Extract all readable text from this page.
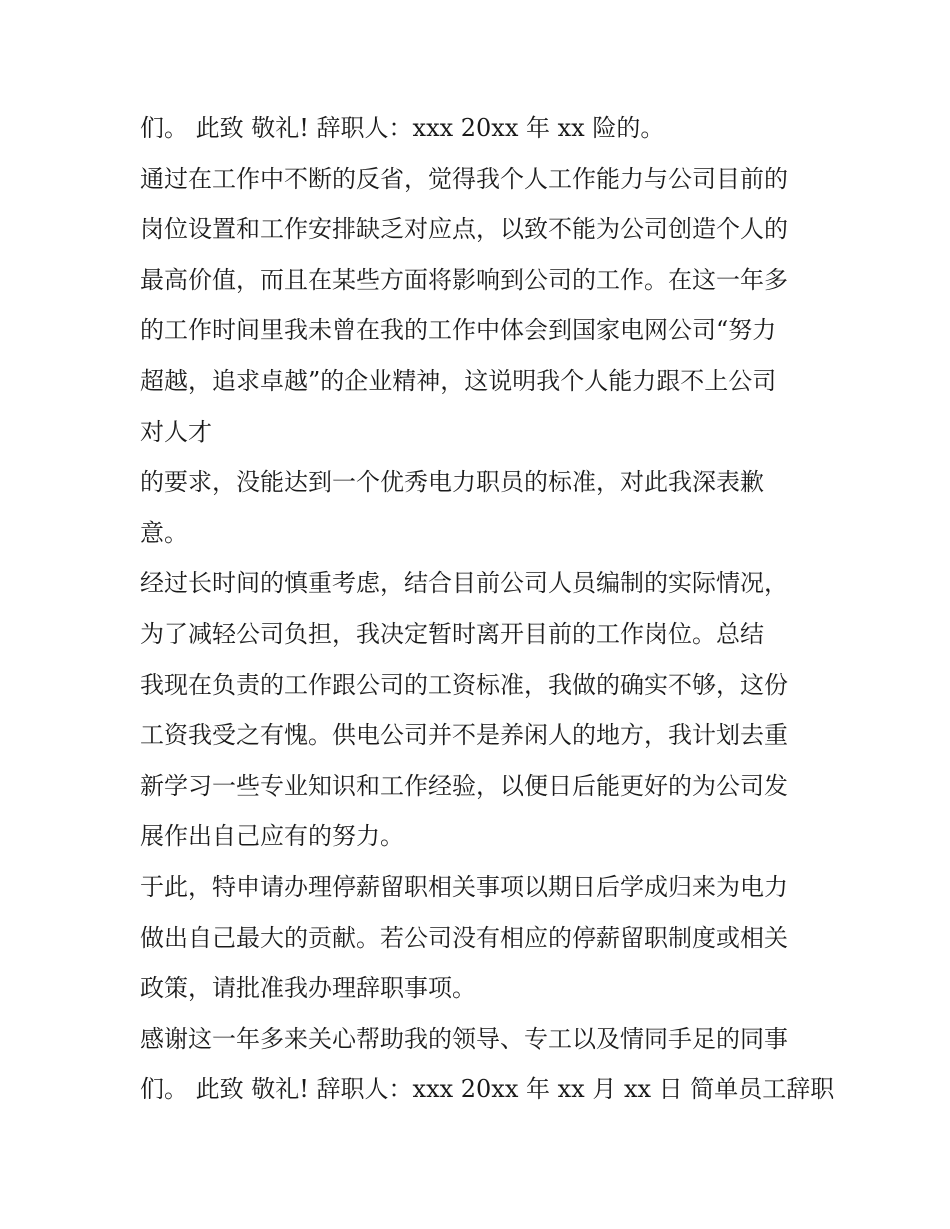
们。 此致 敬礼! 辞职人：xxx 20xx 年 xx 险的。
通过在工作中不断的反省，觉得我个人工作能力与公司目前的
岗位设置和工作安排缺乏对应点，以致不能为公司创造个人的
最高价值，而且在某些方面将影响到公司的工作。在这一年多
的工作时间里我未曾在我的工作中体会到国家电网公司“努力
超越，追求卓越”的企业精神，这说明我个人能力跟不上公司
对人才
的要求，没能达到一个优秀电力职员的标准，对此我深表歉
意。
经过长时间的慎重考虑，结合目前公司人员编制的实际情况，
为了减轻公司负担，我决定暂时离开目前的工作岗位。总结
我现在负责的工作跟公司的工资标准，我做的确实不够，这份
工资我受之有愧。供电公司并不是养闲人的地方，我计划去重
新学习一些专业知识和工作经验，以便日后能更好的为公司发
展作出自己应有的努力。
于此，特申请办理停薪留职相关事项以期日后学成归来为电力
做出自己最大的贡献。若公司没有相应的停薪留职制度或相关
政策，请批准我办理辞职事项。
感谢这一年多来关心帮助我的领导、专工以及情同手足的同事
们。 此致 敬礼! 辞职人：xxx 20xx 年 xx 月 xx 日 简单员工辞职
